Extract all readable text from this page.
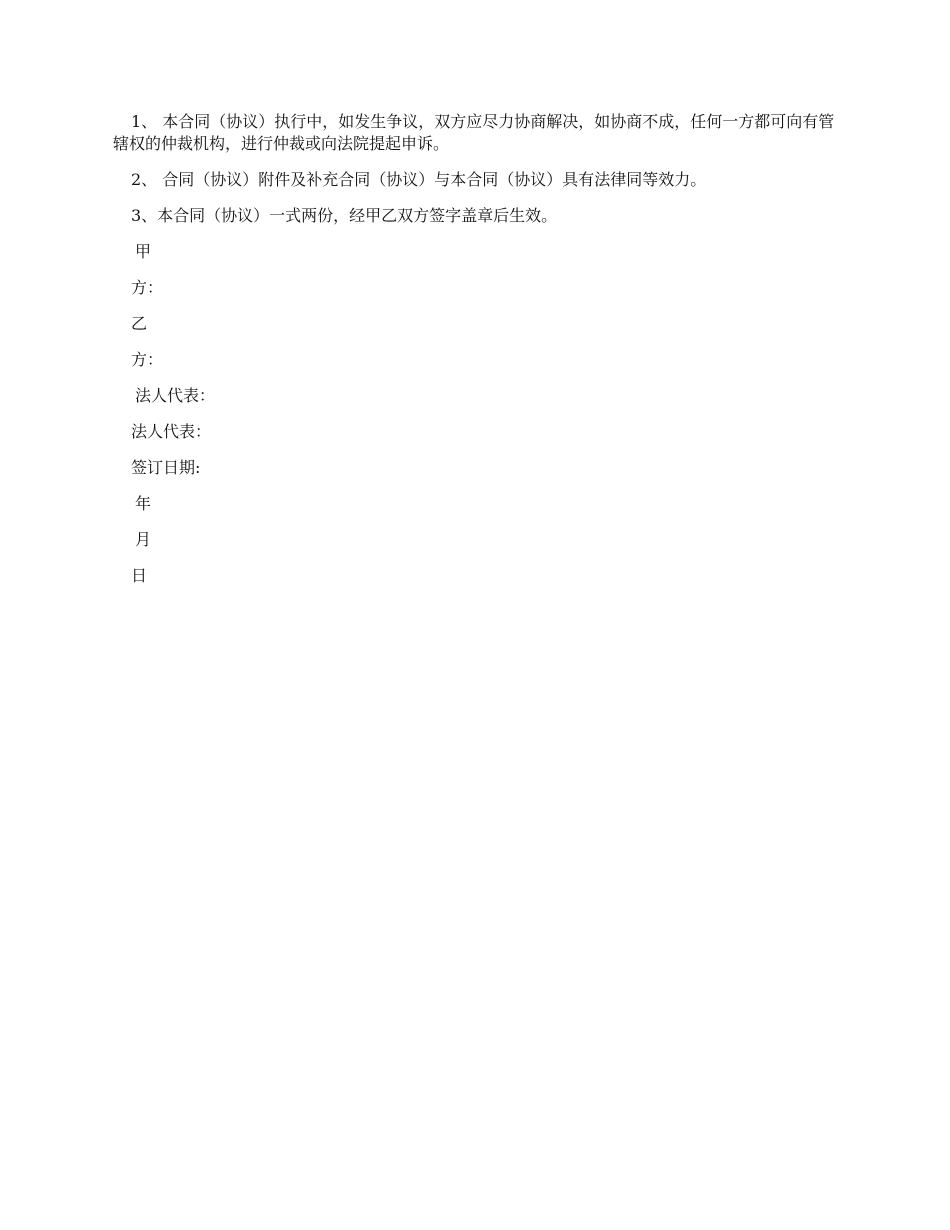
1、 本合同（协议）执行中，如发生争议，双方应尽力协商解决，如协商不成，任何一方都可向有管辖权的仲裁机构，进行仲裁或向法院提起申诉。

2、 合同（协议）附件及补充合同（协议）与本合同（协议）具有法律同等效力。

3、本合同（协议）一式两份，经甲乙双方签字盖章后生效。

甲

方：

乙

方：

法人代表：

法人代表：

签订日期:

年

月

日
